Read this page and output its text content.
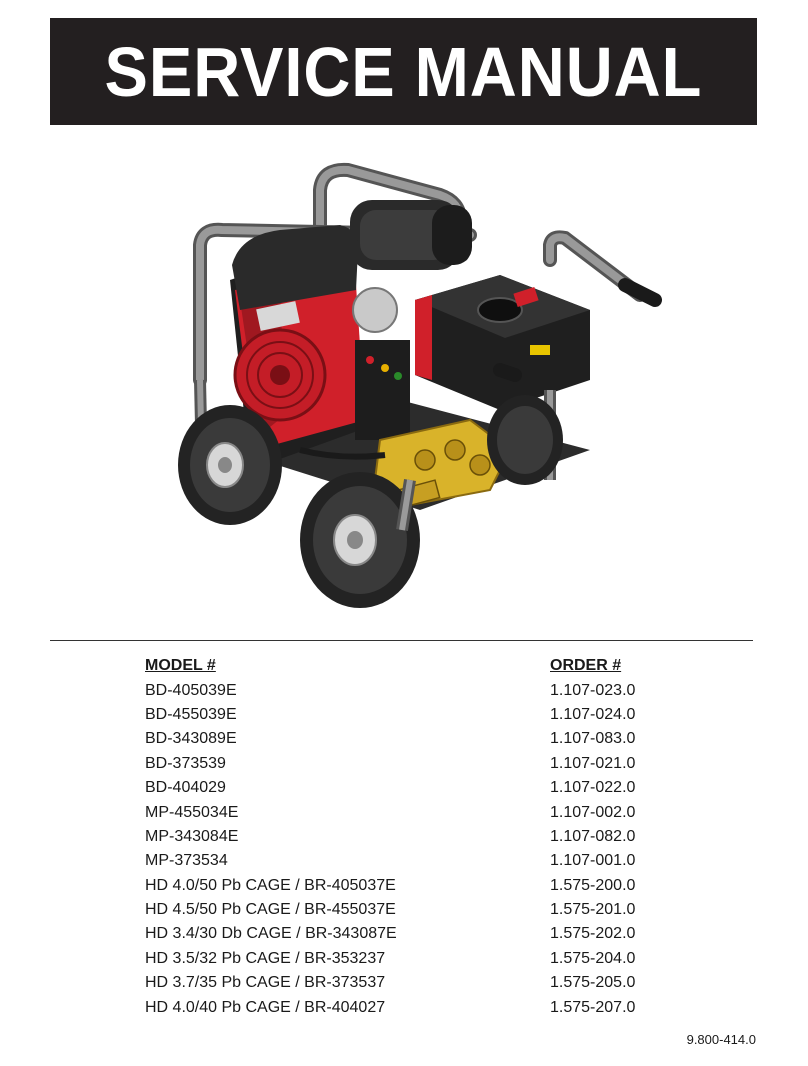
SERVICE MANUAL
MODEL #	ORDER #
BD-405039E	1.107-023.0
BD-455039E	1.107-024.0
BD-343089E	1.107-083.0
BD-373539	1.107-021.0
BD-404029	1.107-022.0
MP-455034E	1.107-002.0
MP-343084E	1.107-082.0
MP-373534	1.107-001.0
HD 4.0/50 Pb CAGE / BR-405037E	1.575-200.0
HD 4.5/50 Pb CAGE / BR-455037E	1.575-201.0
HD 3.4/30 Db CAGE / BR-343087E	1.575-202.0
HD 3.5/32 Pb CAGE / BR-353237	1.575-204.0
HD 3.7/35 Pb CAGE / BR-373537	1.575-205.0
HD 4.0/40 Pb CAGE / BR-404027	1.575-207.0
9.800-414.0
